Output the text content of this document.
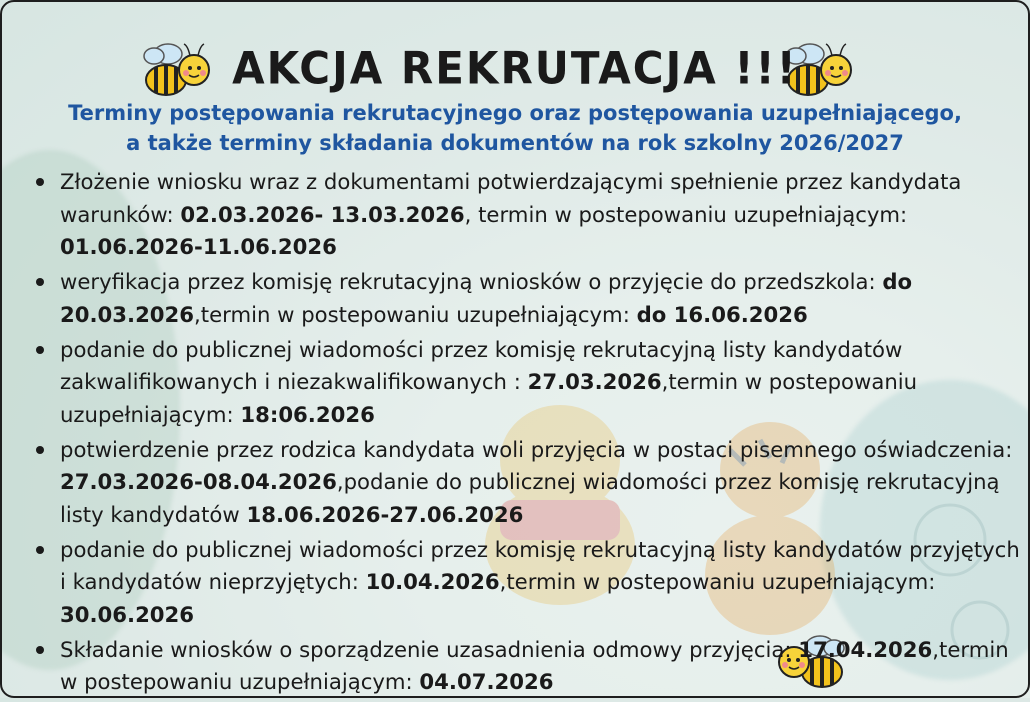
AKCJA REKRUTACJA !!!
Terminy postępowania rekrutacyjnego oraz postępowania uzupełniającego,
a także terminy składania dokumentów na rok szkolny 2026/2027
Złożenie wniosku wraz z dokumentami potwierdzającymi spełnienie przez kandydata warunków: 02.03.2026- 13.03.2026, termin w postepowaniu uzupełniającym: 01.06.2026-11.06.2026
weryfikacja przez komisję rekrutacyjną wniosków o przyjęcie do przedszkola: do 20.03.2026,termin w postepowaniu uzupełniającym: do 16.06.2026
podanie do publicznej wiadomości przez komisję rekrutacyjną listy kandydatów zakwalifikowanych i niezakwalifikowanych : 27.03.2026,termin w postepowaniu uzupełniającym: 18:06.2026
potwierdzenie przez rodzica kandydata woli przyjęcia w postaci pisemnego oświadczenia: 27.03.2026-08.04.2026,podanie do publicznej wiadomości przez komisję rekrutacyjną listy kandydatów 18.06.2026-27.06.2026
podanie do publicznej wiadomości przez komisję rekrutacyjną listy kandydatów przyjętych i kandydatów nieprzyjętych: 10.04.2026,termin w postepowaniu uzupełniającym: 30.06.2026
Składanie wniosków o sporządzenie uzasadnienia odmowy przyjęcia: 17.04.2026,termin w postepowaniu uzupełniającym: 04.07.2026
